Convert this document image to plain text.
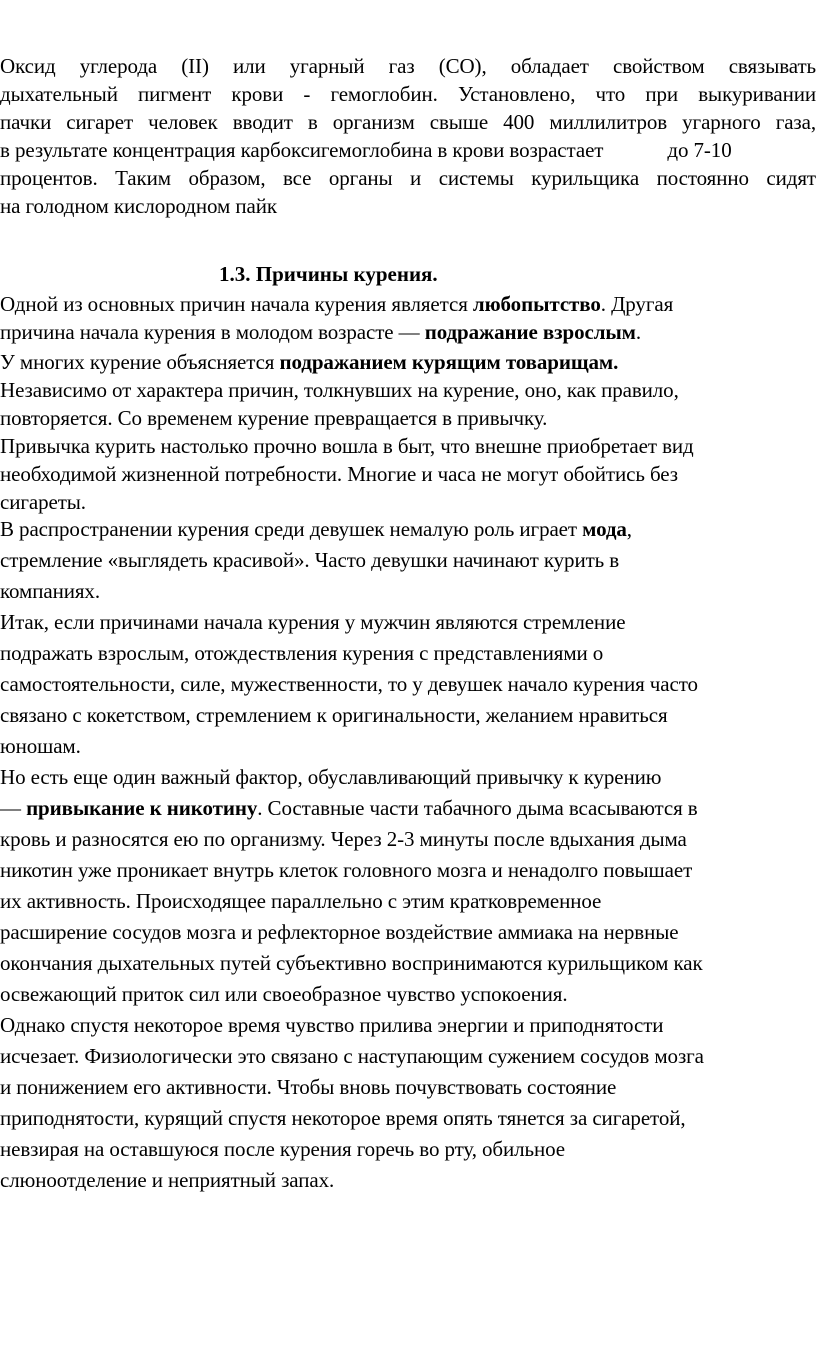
Оксид углерода (II) или угарный газ (CO), обладает свойством связывать
дыхательный пигмент крови - гемоглобин. Установлено, что при выкуривании
пачки сигарет человек вводит в организм свыше 400 миллилитров угарного газа,
в результате концентрация карбоксигемоглобина в крови возрастает	до 7-10
процентов. Таким образом, все органы и системы курильщика постоянно сидят
на голодном кислородном пайк
1.3. Причины курения.
Одной из основных причин начала курения является любопытство. Другая
причина начала курения в молодом возрасте — подражание взрослым.
У многих курение объясняется подражанием курящим товарищам.
Независимо от характера причин, толкнувших на курение, оно, как правило,
повторяется. Со временем курение превращается в привычку.
Привычка курить настолько прочно вошла в быт, что внешне приобретает вид
необходимой жизненной потребности. Многие и часа не могут обойтись без
сигареты.
В распространении курения среди девушек немалую роль играет мода,
стремление «выглядеть красивой». Часто девушки начинают курить в
компаниях.
Итак, если причинами начала курения у мужчин являются стремление
подражать взрослым, отождествления курения с представлениями о
самостоятельности, силе, мужественности, то у девушек начало курения часто
связано с кокетством, стремлением к оригинальности, желанием нравиться
юношам.
Но есть еще один важный фактор, обуславливающий привычку к курению
— привыкание к никотину. Составные части табачного дыма всасываются в
кровь и разносятся ею по организму. Через 2-3 минуты после вдыхания дыма
никотин уже проникает внутрь клеток головного мозга и ненадолго повышает
их активность. Происходящее параллельно с этим кратковременное
расширение сосудов мозга и рефлекторное воздействие аммиака на нервные
окончания дыхательных путей субъективно воспринимаются курильщиком как
освежающий приток сил или своеобразное чувство успокоения.
Однако спустя некоторое время чувство прилива энергии и приподнятости
исчезает. Физиологически это связано с наступающим сужением сосудов мозга
и понижением его активности. Чтобы вновь почувствовать состояние
приподнятости, курящий спустя некоторое время опять тянется за сигаретой,
невзирая на оставшуюся после курения горечь во рту, обильное
слюноотделение и неприятный запах.
